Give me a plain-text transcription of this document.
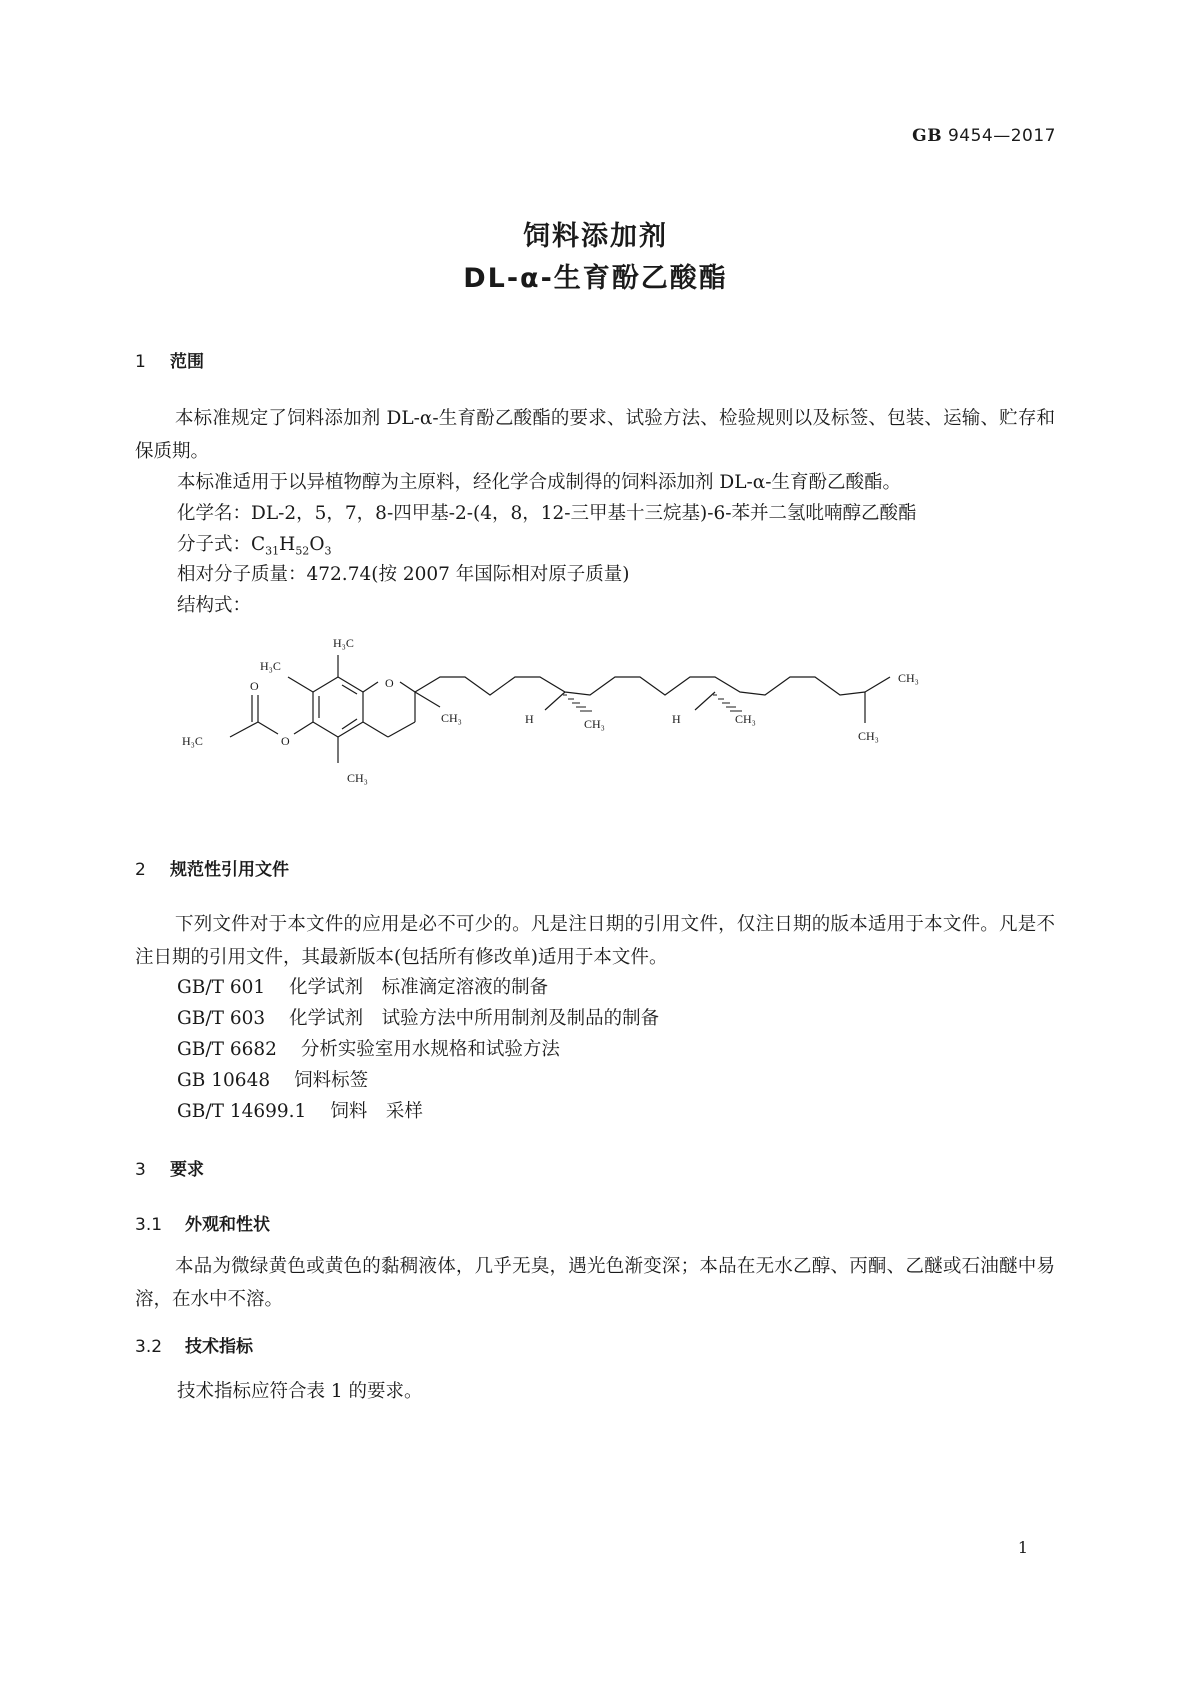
GB 9454—2017
饲料添加剂
DL-α-生育酚乙酸酯
1 范围
本标准规定了饲料添加剂 DL-α-生育酚乙酸酯的要求、试验方法、检验规则以及标签、包装、运输、贮存和保质期。
本标准适用于以异植物醇为主原料，经化学合成制得的饲料添加剂 DL-α-生育酚乙酸酯。
化学名：DL-2，5，7，8-四甲基-2-(4，8，12-三甲基十三烷基)-6-苯并二氢吡喃醇乙酸酯
分子式：$C_{31}H_{52}O_3$
相对分子质量：472.74(按 2007 年国际相对原子质量)
结构式：
H₃C
H₃C
O
O
O
H₃C
CH₃
CH₃	H	CH₃	H	CH₃
CH₃
CH₃
2 规范性引用文件
下列文件对于本文件的应用是必不可少的。凡是注日期的引用文件，仅注日期的版本适用于本文件。凡是不注日期的引用文件，其最新版本(包括所有修改单)适用于本文件。
GB/T 601 化学试剂　标准滴定溶液的制备
GB/T 603 化学试剂　试验方法中所用制剂及制品的制备
GB/T 6682 分析实验室用水规格和试验方法
GB 10648 饲料标签
GB/T 14699.1 饲料　采样
3 要求
3.1 外观和性状
本品为微绿黄色或黄色的黏稠液体，几乎无臭，遇光色渐变深；本品在无水乙醇、丙酮、乙醚或石油醚中易溶，在水中不溶。
3.2 技术指标
技术指标应符合表 1 的要求。
1
